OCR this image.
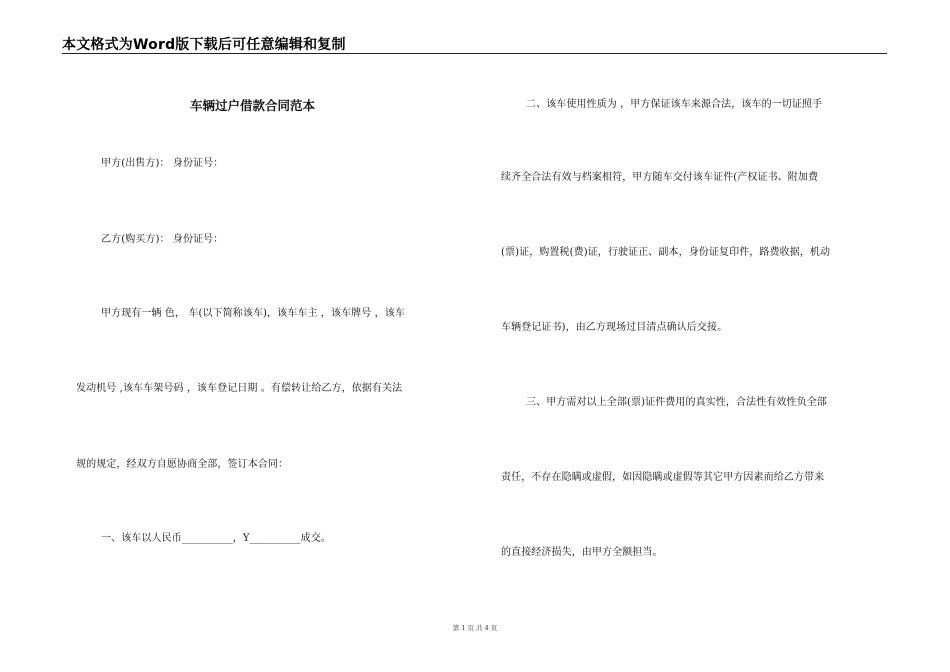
本文格式为Word版下载后可任意编辑和复制
车辆过户借款合同范本
甲方(出售方)： 身份证号：
乙方(购买方)： 身份证号：
甲方现有一辆 色， 车(以下简称该车)，该车车主 ，该车牌号 ，该车
发动机号 ,该车车架号码 ，该车登记日期 。有偿转让给乙方，依据有关法
规的规定，经双方自愿协商全部，签订本合同：
一、该车以人民币__________，Y__________成交。
二、该车使用性质为 ，甲方保证该车来源合法，该车的一切证照手
续齐全合法有效与档案相符，甲方随车交付该车证件(产权证书、附加费
(票)证，购置税(费)证，行驶证正、副本，身份证复印件，路费收据，机动
车辆登记证书)，由乙方现场过目清点确认后交接。
三、甲方需对以上全部(票)证件费用的真实性，合法性有效性负全部
责任，不存在隐瞒或虚假，如因隐瞒或虚假等其它甲方因素而给乙方带来
的直接经济损失，由甲方全额担当。
第 1 页 共 4 页
